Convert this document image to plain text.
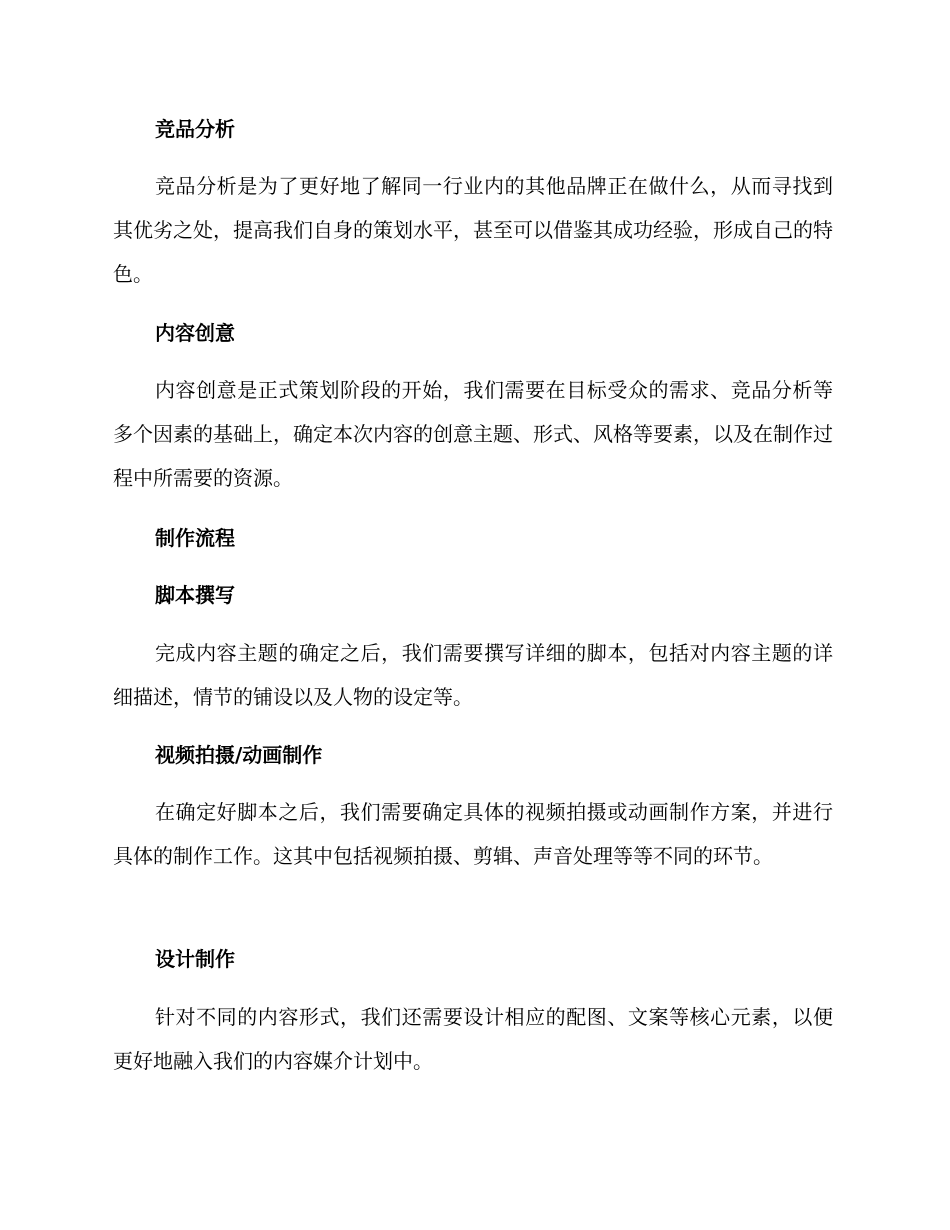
竞品分析

竞品分析是为了更好地了解同一行业内的其他品牌正在做什么，从而寻找到其优劣之处，提高我们自身的策划水平，甚至可以借鉴其成功经验，形成自己的特色。

内容创意

内容创意是正式策划阶段的开始，我们需要在目标受众的需求、竞品分析等多个因素的基础上，确定本次内容的创意主题、形式、风格等要素，以及在制作过程中所需要的资源。

制作流程
脚本撰写

完成内容主题的确定之后，我们需要撰写详细的脚本，包括对内容主题的详细描述，情节的铺设以及人物的设定等。

视频拍摄/动画制作

在确定好脚本之后，我们需要确定具体的视频拍摄或动画制作方案，并进行具体的制作工作。这其中包括视频拍摄、剪辑、声音处理等等不同的环节。

设计制作

针对不同的内容形式，我们还需要设计相应的配图、文案等核心元素，以便更好地融入我们的内容媒介计划中。
